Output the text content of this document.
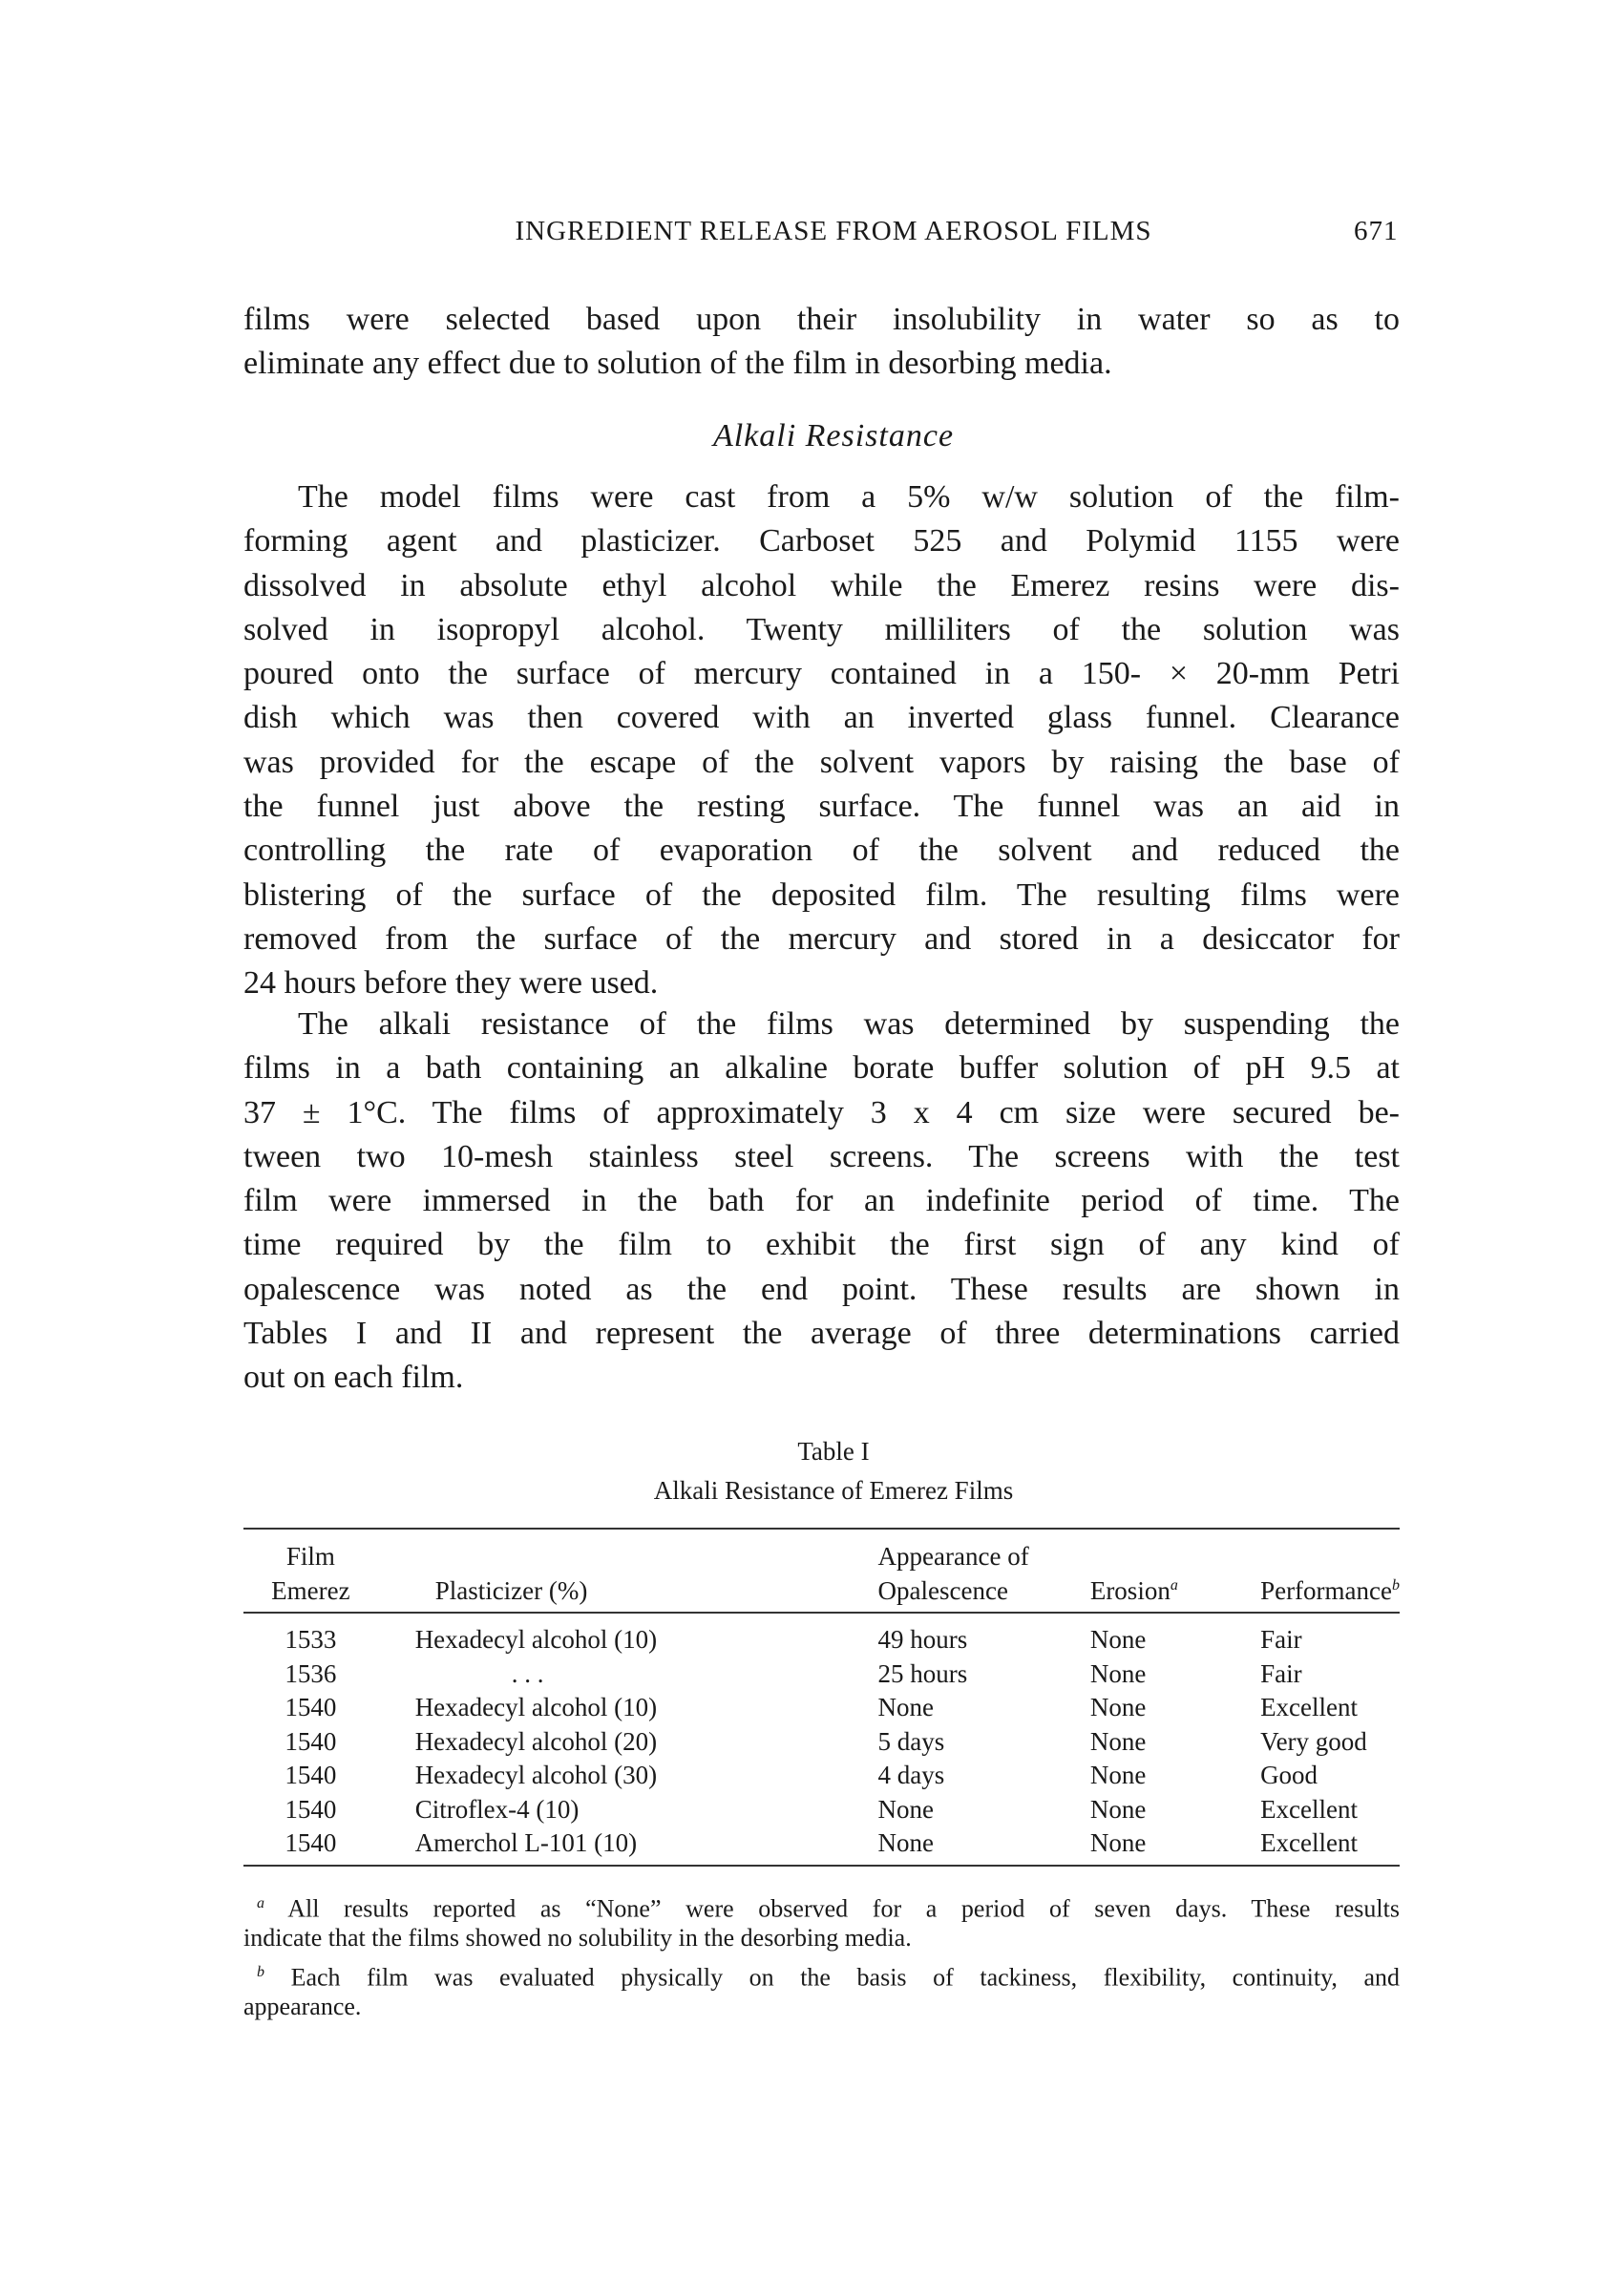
INGREDIENT RELEASE FROM AEROSOL FILMS	671
films were selected based upon their insolubility in water so as to
eliminate any effect due to solution of the film in desorbing media.
Alkali Resistance
The model films were cast from a 5% w/w solution of the film-
forming agent and plasticizer. Carboset 525 and Polymid 1155 were
dissolved in absolute ethyl alcohol while the Emerez resins were dis-
solved in isopropyl alcohol. Twenty milliliters of the solution was
poured onto the surface of mercury contained in a 150- × 20-mm Petri
dish which was then covered with an inverted glass funnel. Clearance
was provided for the escape of the solvent vapors by raising the base of
the funnel just above the resting surface. The funnel was an aid in
controlling the rate of evaporation of the solvent and reduced the
blistering of the surface of the deposited film. The resulting films were
removed from the surface of the mercury and stored in a desiccator for
24 hours before they were used.
The alkali resistance of the films was determined by suspending the
films in a bath containing an alkaline borate buffer solution of pH 9.5 at
37 ± 1°C. The films of approximately 3 x 4 cm size were secured be-
tween two 10-mesh stainless steel screens. The screens with the test
film were immersed in the bath for an indefinite period of time. The
time required by the film to exhibit the first sign of any kind of
opalescence was noted as the end point. These results are shown in
Tables I and II and represent the average of three determinations carried
out on each film.
Table I
Alkali Resistance of Emerez Films
Film
Emerez	Plasticizer (%)	Appearance of
Opalescence	Erosion$^a$	Performance$^b$
1533	Hexadecyl alcohol (10)	49 hours	None	Fair
1536	. . .	25 hours	None	Fair
1540	Hexadecyl alcohol (10)	None	None	Excellent
1540	Hexadecyl alcohol (20)	5 days	None	Very good
1540	Hexadecyl alcohol (30)	4 days	None	Good
1540	Citroflex-4 (10)	None	None	Excellent
1540	Amerchol L-101 (10)	None	None	Excellent
$^a$ All results reported as “None” were observed for a period of seven days. These results
indicate that the films showed no solubility in the desorbing media.
$^b$ Each film was evaluated physically on the basis of tackiness, flexibility, continuity, and
appearance.
